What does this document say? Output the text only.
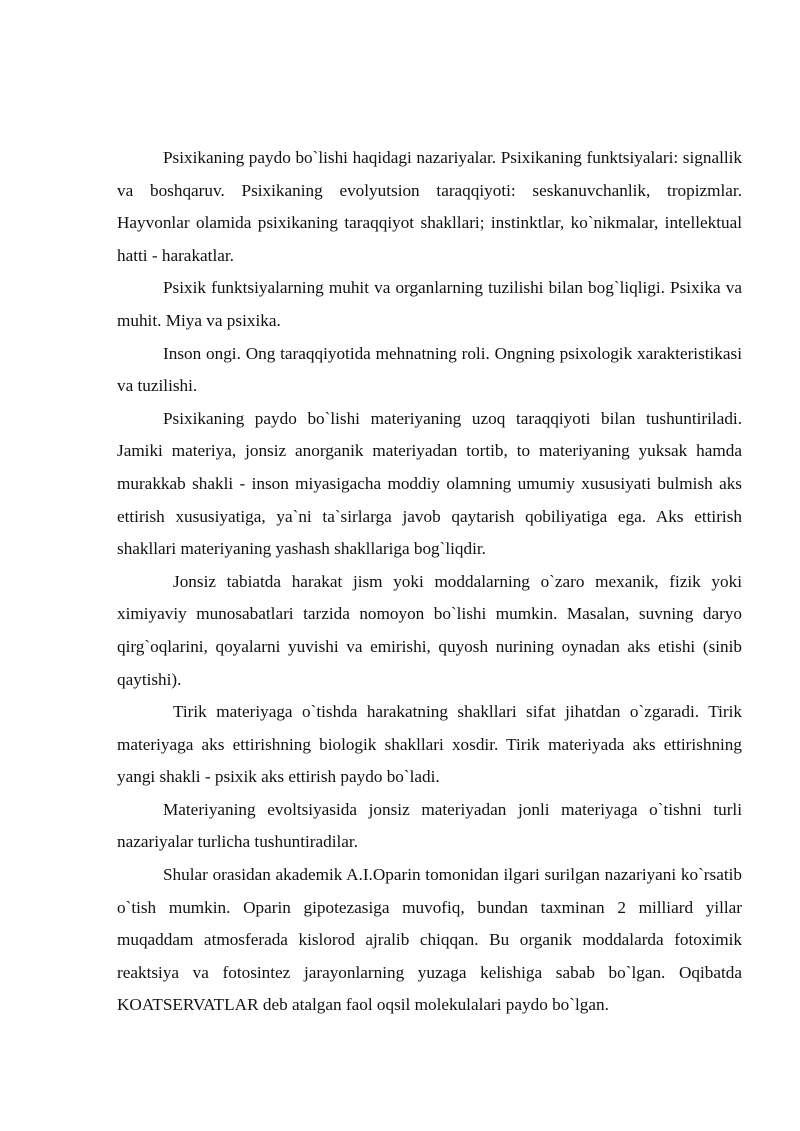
Psixikaning paydo bo`lishi haqidagi nazariyalar. Psixikaning funktsiyalari: signallik va boshqaruv. Psixikaning evolyutsion taraqqiyoti: seskanuvchanlik, tropizmlar. Hayvonlar olamida psixikaning taraqqiyot shakllari; instinktlar, ko`nikmalar, intellektual hatti - harakatlar.

Psixik funktsiyalarning muhit va organlarning tuzilishi bilan bog`liqligi. Psixika va muhit. Miya va psixika.

Inson ongi. Ong taraqqiyotida mehnatning roli. Ongning psixologik xarakteristikasi va tuzilishi.

Psixikaning paydo bo`lishi materiyaning uzoq taraqqiyoti bilan tushuntiriladi. Jamiki materiya, jonsiz anorganik materiyadan tortib, to materiyaning yuksak hamda murakkab shakli - inson miyasigacha moddiy olamning umumiy xususiyati bulmish aks ettirish xususiyatiga, ya`ni ta`sirlarga javob qaytarish qobiliyatiga ega. Aks ettirish shakllari materiyaning yashash shakllariga bog`liqdir.

Jonsiz tabiatda harakat jism yoki moddalarning o`zaro mexanik, fizik yoki ximiyaviy munosabatlari tarzida nomoyon bo`lishi mumkin. Masalan, suvning daryo qirg`oqlarini, qoyalarni yuvishi va emirishi, quyosh nurining oynadan aks etishi (sinib qaytishi).

Tirik materiyaga o`tishda harakatning shakllari sifat jihatdan o`zgaradi. Tirik materiyaga aks ettirishning biologik shakllari xosdir. Tirik materiyada aks ettirishning yangi shakli - psixik aks ettirish paydo bo`ladi.

Materiyaning evoltsiyasida jonsiz materiyadan jonli materiyaga o`tishni turli nazariyalar turlicha tushuntiradilar.

Shular orasidan akademik A.I.Oparin tomonidan ilgari surilgan nazariyani ko`rsatib o`tish mumkin. Oparin gipotezasiga muvofiq, bundan taxminan 2 milliard yillar muqaddam atmosferada kislorod ajralib chiqqan. Bu organik moddalarda fotoximik reaktsiya va fotosintez jarayonlarning yuzaga kelishiga sabab bo`lgan. Oqibatda KOATSERVATLAR deb atalgan faol oqsil molekulalari paydo bo`lgan.
